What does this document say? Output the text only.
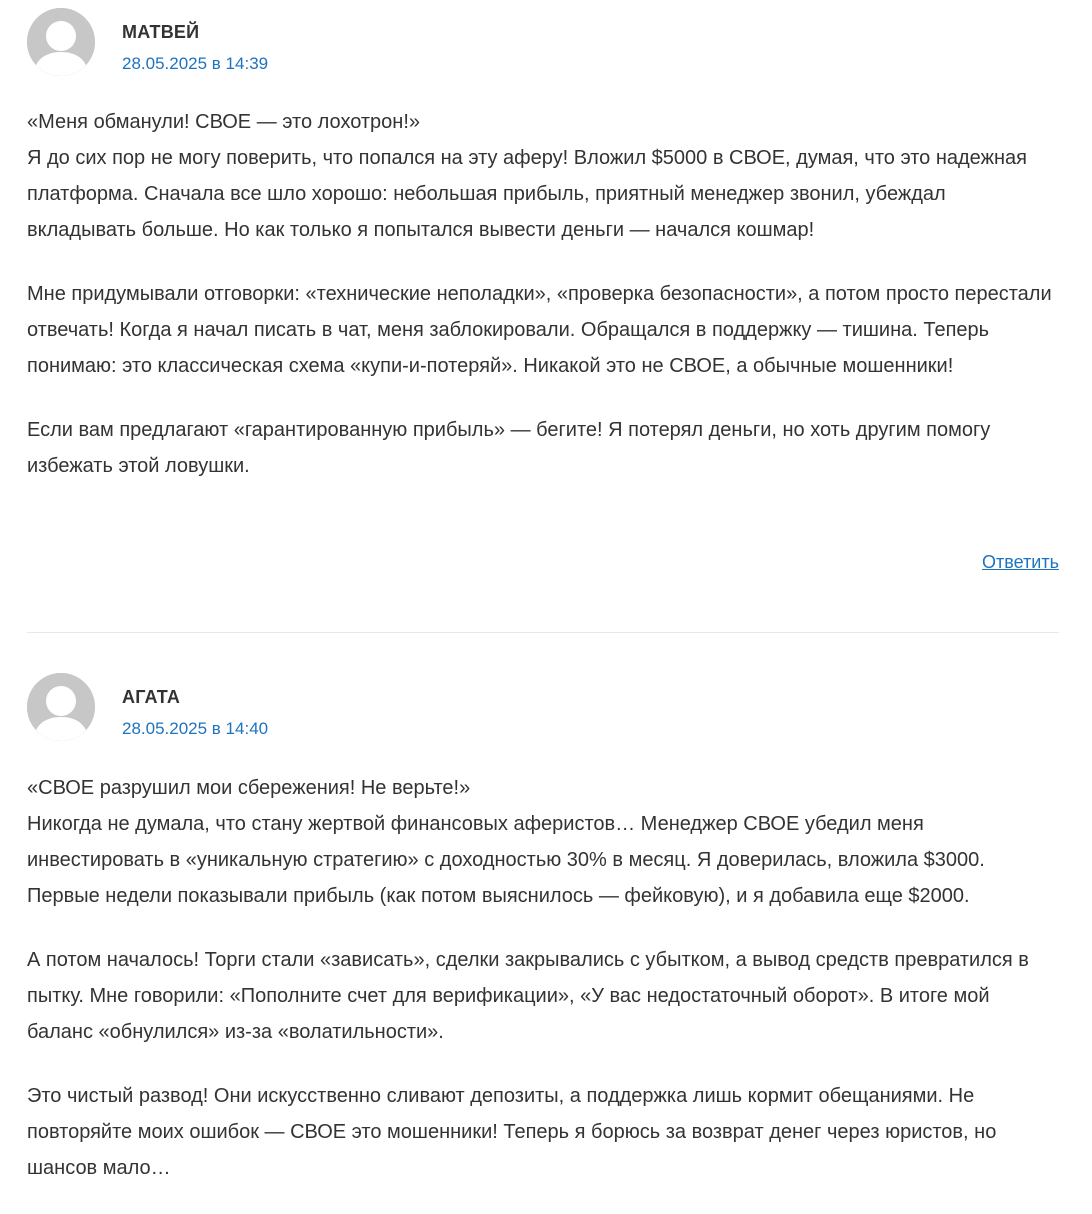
МАТВЕЙ
28.05.2025 в 14:39

«Меня обманули! СВОЕ — это лохотрон!»
Я до сих пор не могу поверить, что попался на эту аферу! Вложил $5000 в СВОЕ, думая, что это надежная платформа. Сначала все шло хорошо: небольшая прибыль, приятный менеджер звонил, убеждал вкладывать больше. Но как только я попытался вывести деньги — начался кошмар!

Мне придумывали отговорки: «технические неполадки», «проверка безопасности», а потом просто перестали отвечать! Когда я начал писать в чат, меня заблокировали. Обращался в поддержку — тишина. Теперь понимаю: это классическая схема «купи-и-потеряй». Никакой это не СВОЕ, а обычные мошенники!

Если вам предлагают «гарантированную прибыль» — бегите! Я потерял деньги, но хоть другим помогу избежать этой ловушки.

Ответить
АГАТА
28.05.2025 в 14:40

«СВОЕ разрушил мои сбережения! Не верьте!»
Никогда не думала, что стану жертвой финансовых аферистов… Менеджер СВОЕ убедил меня инвестировать в «уникальную стратегию» с доходностью 30% в месяц. Я доверилась, вложила $3000. Первые недели показывали прибыль (как потом выяснилось — фейковую), и я добавила еще $2000.

А потом началось! Торги стали «зависать», сделки закрывались с убытком, а вывод средств превратился в пытку. Мне говорили: «Пополните счет для верификации», «У вас недостаточный оборот». В итоге мой баланс «обнулился» из-за «волатильности».

Это чистый развод! Они искусственно сливают депозиты, а поддержка лишь кормит обещаниями. Не повторяйте моих ошибок — СВОЕ это мошенники! Теперь я борюсь за возврат денег через юристов, но шансов мало…
